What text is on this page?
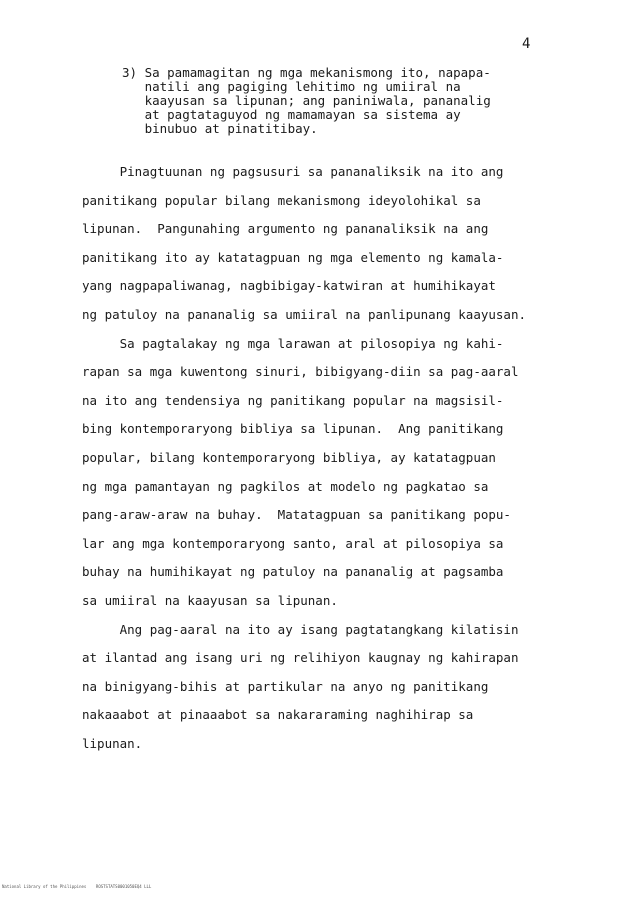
4
3) Sa pamamagitan ng mga mekanismong ito, napapa-
natili ang pagiging lehitimo ng umiiral na
kaayusan sa lipunan; ang paniniwala, pananalig
at pagtataguyod ng mamamayan sa sistema ay
binubuo at pinatitibay.
Pinagtuunan ng pagsusuri sa pananaliksik na ito ang
panitikang popular bilang mekanismong ideyolohikal sa
lipunan.  Pangunahing argumento ng pananaliksik na ang
panitikang ito ay katatagpuan ng mga elemento ng kamala-
yang nagpapaliwanag, nagbibigay-katwiran at humihikayat
ng patuloy na pananalig sa umiiral na panlipunang kaayusan.
Sa pagtalakay ng mga larawan at pilosopiya ng kahi-
rapan sa mga kuwentong sinuri, bibigyang-diin sa pag-aaral
na ito ang tendensiya ng panitikang popular na magsisil-
bing kontemporaryong bibliya sa lipunan.  Ang panitikang
popular, bilang kontemporaryong bibliya, ay katatagpuan
ng mga pamantayan ng pagkilos at modelo ng pagkatao sa
pang-araw-araw na buhay.  Matatagpuan sa panitikang popu-
lar ang mga kontemporaryong santo, aral at pilosopiya sa
buhay na humihikayat ng patuloy na pananalig at pagsamba
sa umiiral na kaayusan sa lipunan.
Ang pag-aaral na ito ay isang pagtatangkang kilatisin
at ilantad ang isang uri ng relihiyon kaugnay ng kahirapan
na binigyang-bihis at partikular na anyo ng panitikang
nakaaabot at pinaaabot sa nakararaming naghihirap sa
lipunan.
National Library of the Philippines    ROSTSTATS0001050EQ4 LLL
